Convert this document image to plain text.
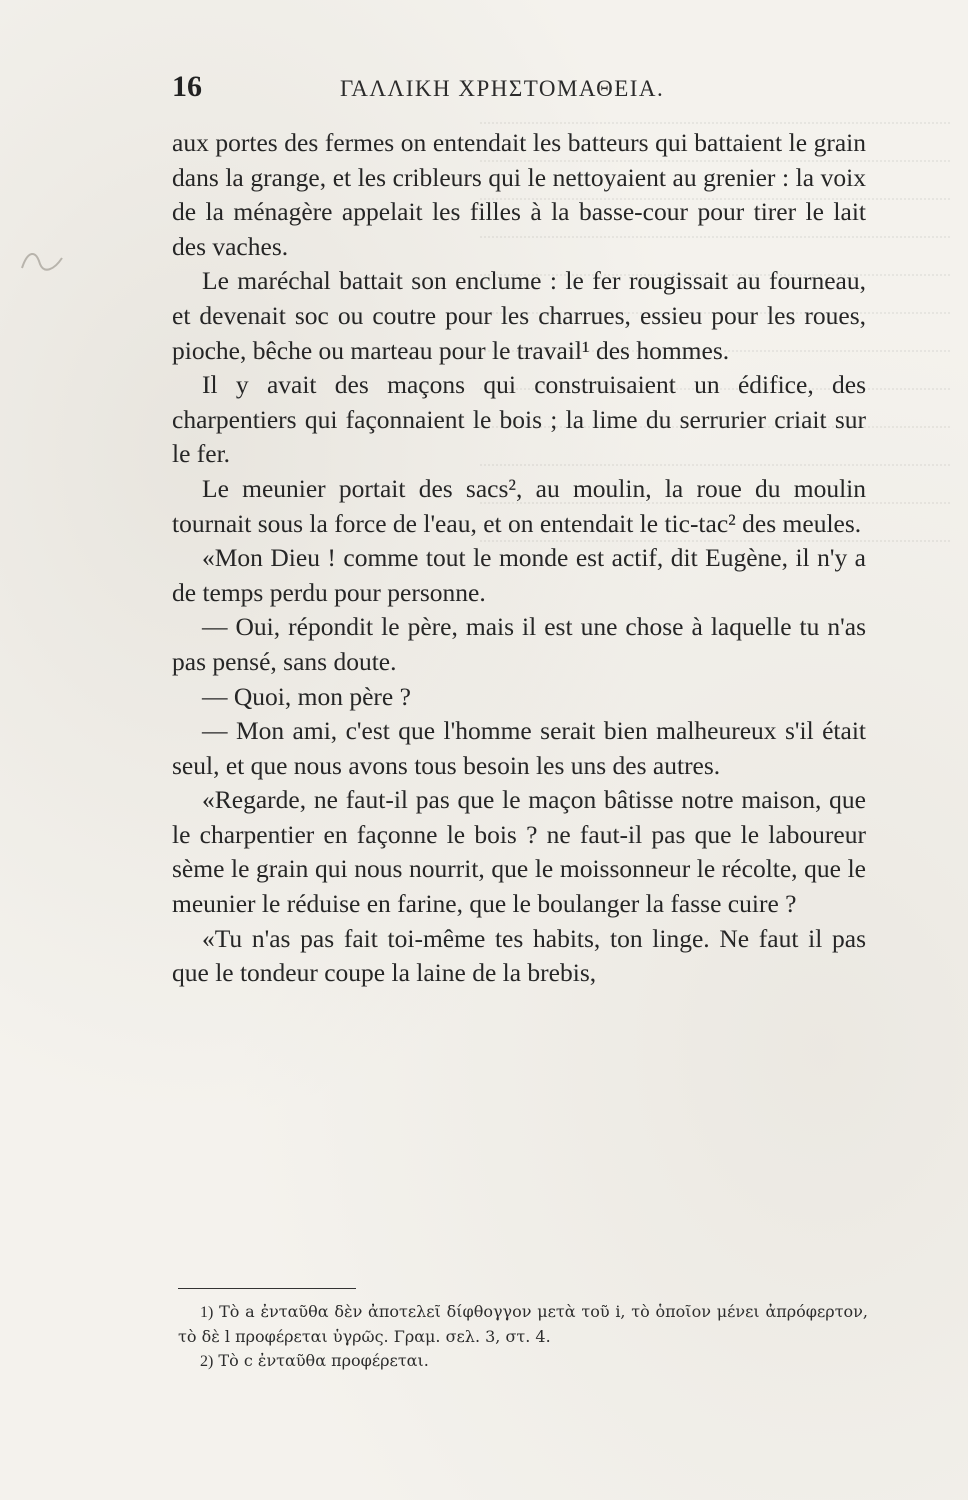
16	ΓΑΛΛΙΚΗ ΧΡΗΣΤΟΜΑΘΕΙΑ.

aux portes des fermes on entendait les batteurs qui battaient le grain dans la grange, et les cribleurs qui le nettoyaient au grenier : la voix de la ménagère appelait les filles à la basse-cour pour tirer le lait des vaches.

Le maréchal battait son enclume : le fer rougissait au fourneau, et devenait soc ou coutre pour les charrues, essieu pour les roues, pioche, bêche ou marteau pour le travail¹ des hommes.

Il y avait des maçons qui construisaient un édifice, des charpentiers qui façonnaient le bois ; la lime du serrurier criait sur le fer.

Le meunier portait des sacs², au moulin, la roue du moulin tournait sous la force de l'eau, et on entendait le tic-tac² des meules.

«Mon Dieu ! comme tout le monde est actif, dit Eugène, il n'y a de temps perdu pour personne.

— Oui, répondit le père, mais il est une chose à laquelle tu n'as pas pensé, sans doute.

— Quoi, mon père ?

— Mon ami, c'est que l'homme serait bien malheureux s'il était seul, et que nous avons tous besoin les uns des autres.

«Regarde, ne faut-il pas que le maçon bâtisse notre maison, que le charpentier en façonne le bois ? ne faut-il pas que le laboureur sème le grain qui nous nourrit, que le moissonneur le récolte, que le meunier le réduise en farine, que le boulanger la fasse cuire ?

«Tu n'as pas fait toi-même tes habits, ton linge. Ne faut il pas que le tondeur coupe la laine de la brebis,

1) Τὸ a ἐνταῦθα δὲν ἀποτελεῖ δίφθογγον μετὰ τοῦ i, τὸ ὁποῖον μένει ἀπρόφερτον, τὸ δὲ l προφέρεται ὑγρῶς. Γραμ. σελ. 3, στ. 4.

2) Τὸ c ἐνταῦθα προφέρεται.
